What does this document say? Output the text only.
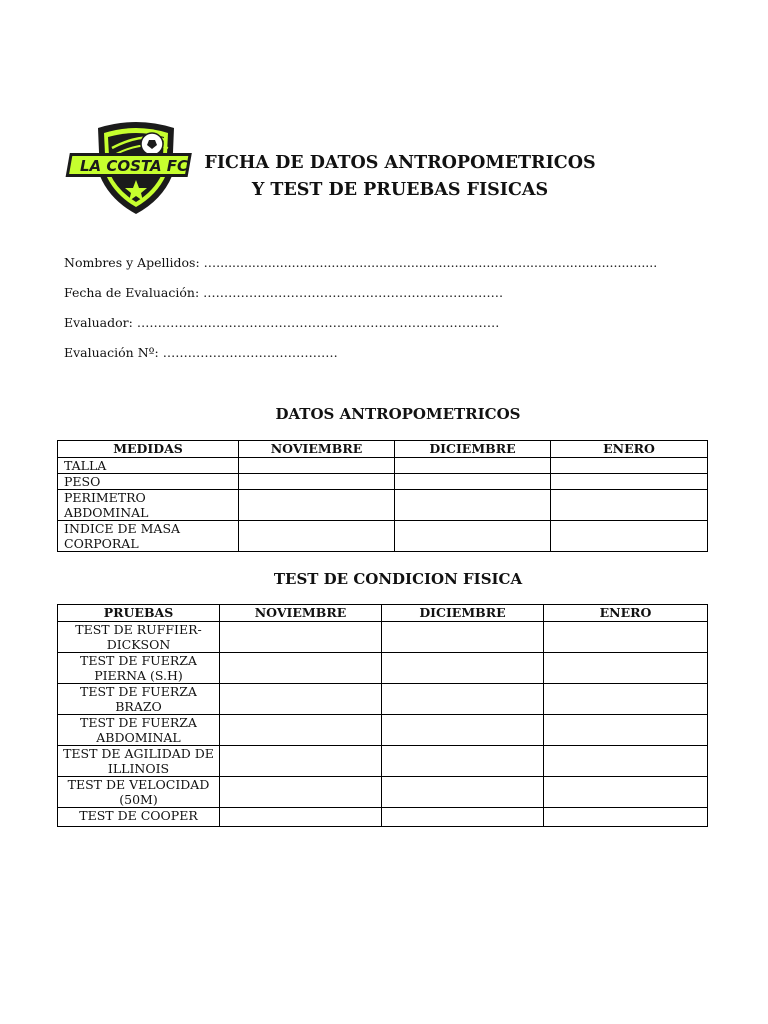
LA COSTA FC FICHA DE DATOS ANTROPOMETRICOS
Y TEST DE PRUEBAS FISICAS
Nombres y Apellidos: …...............................................................................................................
Fecha de Evaluación: ………………………………………………………………
Evaluador: ……………………………………………………………………………
Evaluación Nº: ……………………………………
DATOS ANTROPOMETRICOS
MEDIDAS	NOVIEMBRE	DICIEMBRE	ENERO
TALLA			
PESO			
PERIMETRO ABDOMINAL			
INDICE DE MASA CORPORAL			
TEST DE CONDICION FISICA
PRUEBAS	NOVIEMBRE	DICIEMBRE	ENERO
TEST DE RUFFIER-DICKSON			
TEST DE FUERZA PIERNA (S.H)			
TEST DE FUERZA BRAZO			
TEST DE FUERZA ABDOMINAL			
TEST DE AGILIDAD DE ILLINOIS			
TEST DE VELOCIDAD (50M)			
TEST DE COOPER			
